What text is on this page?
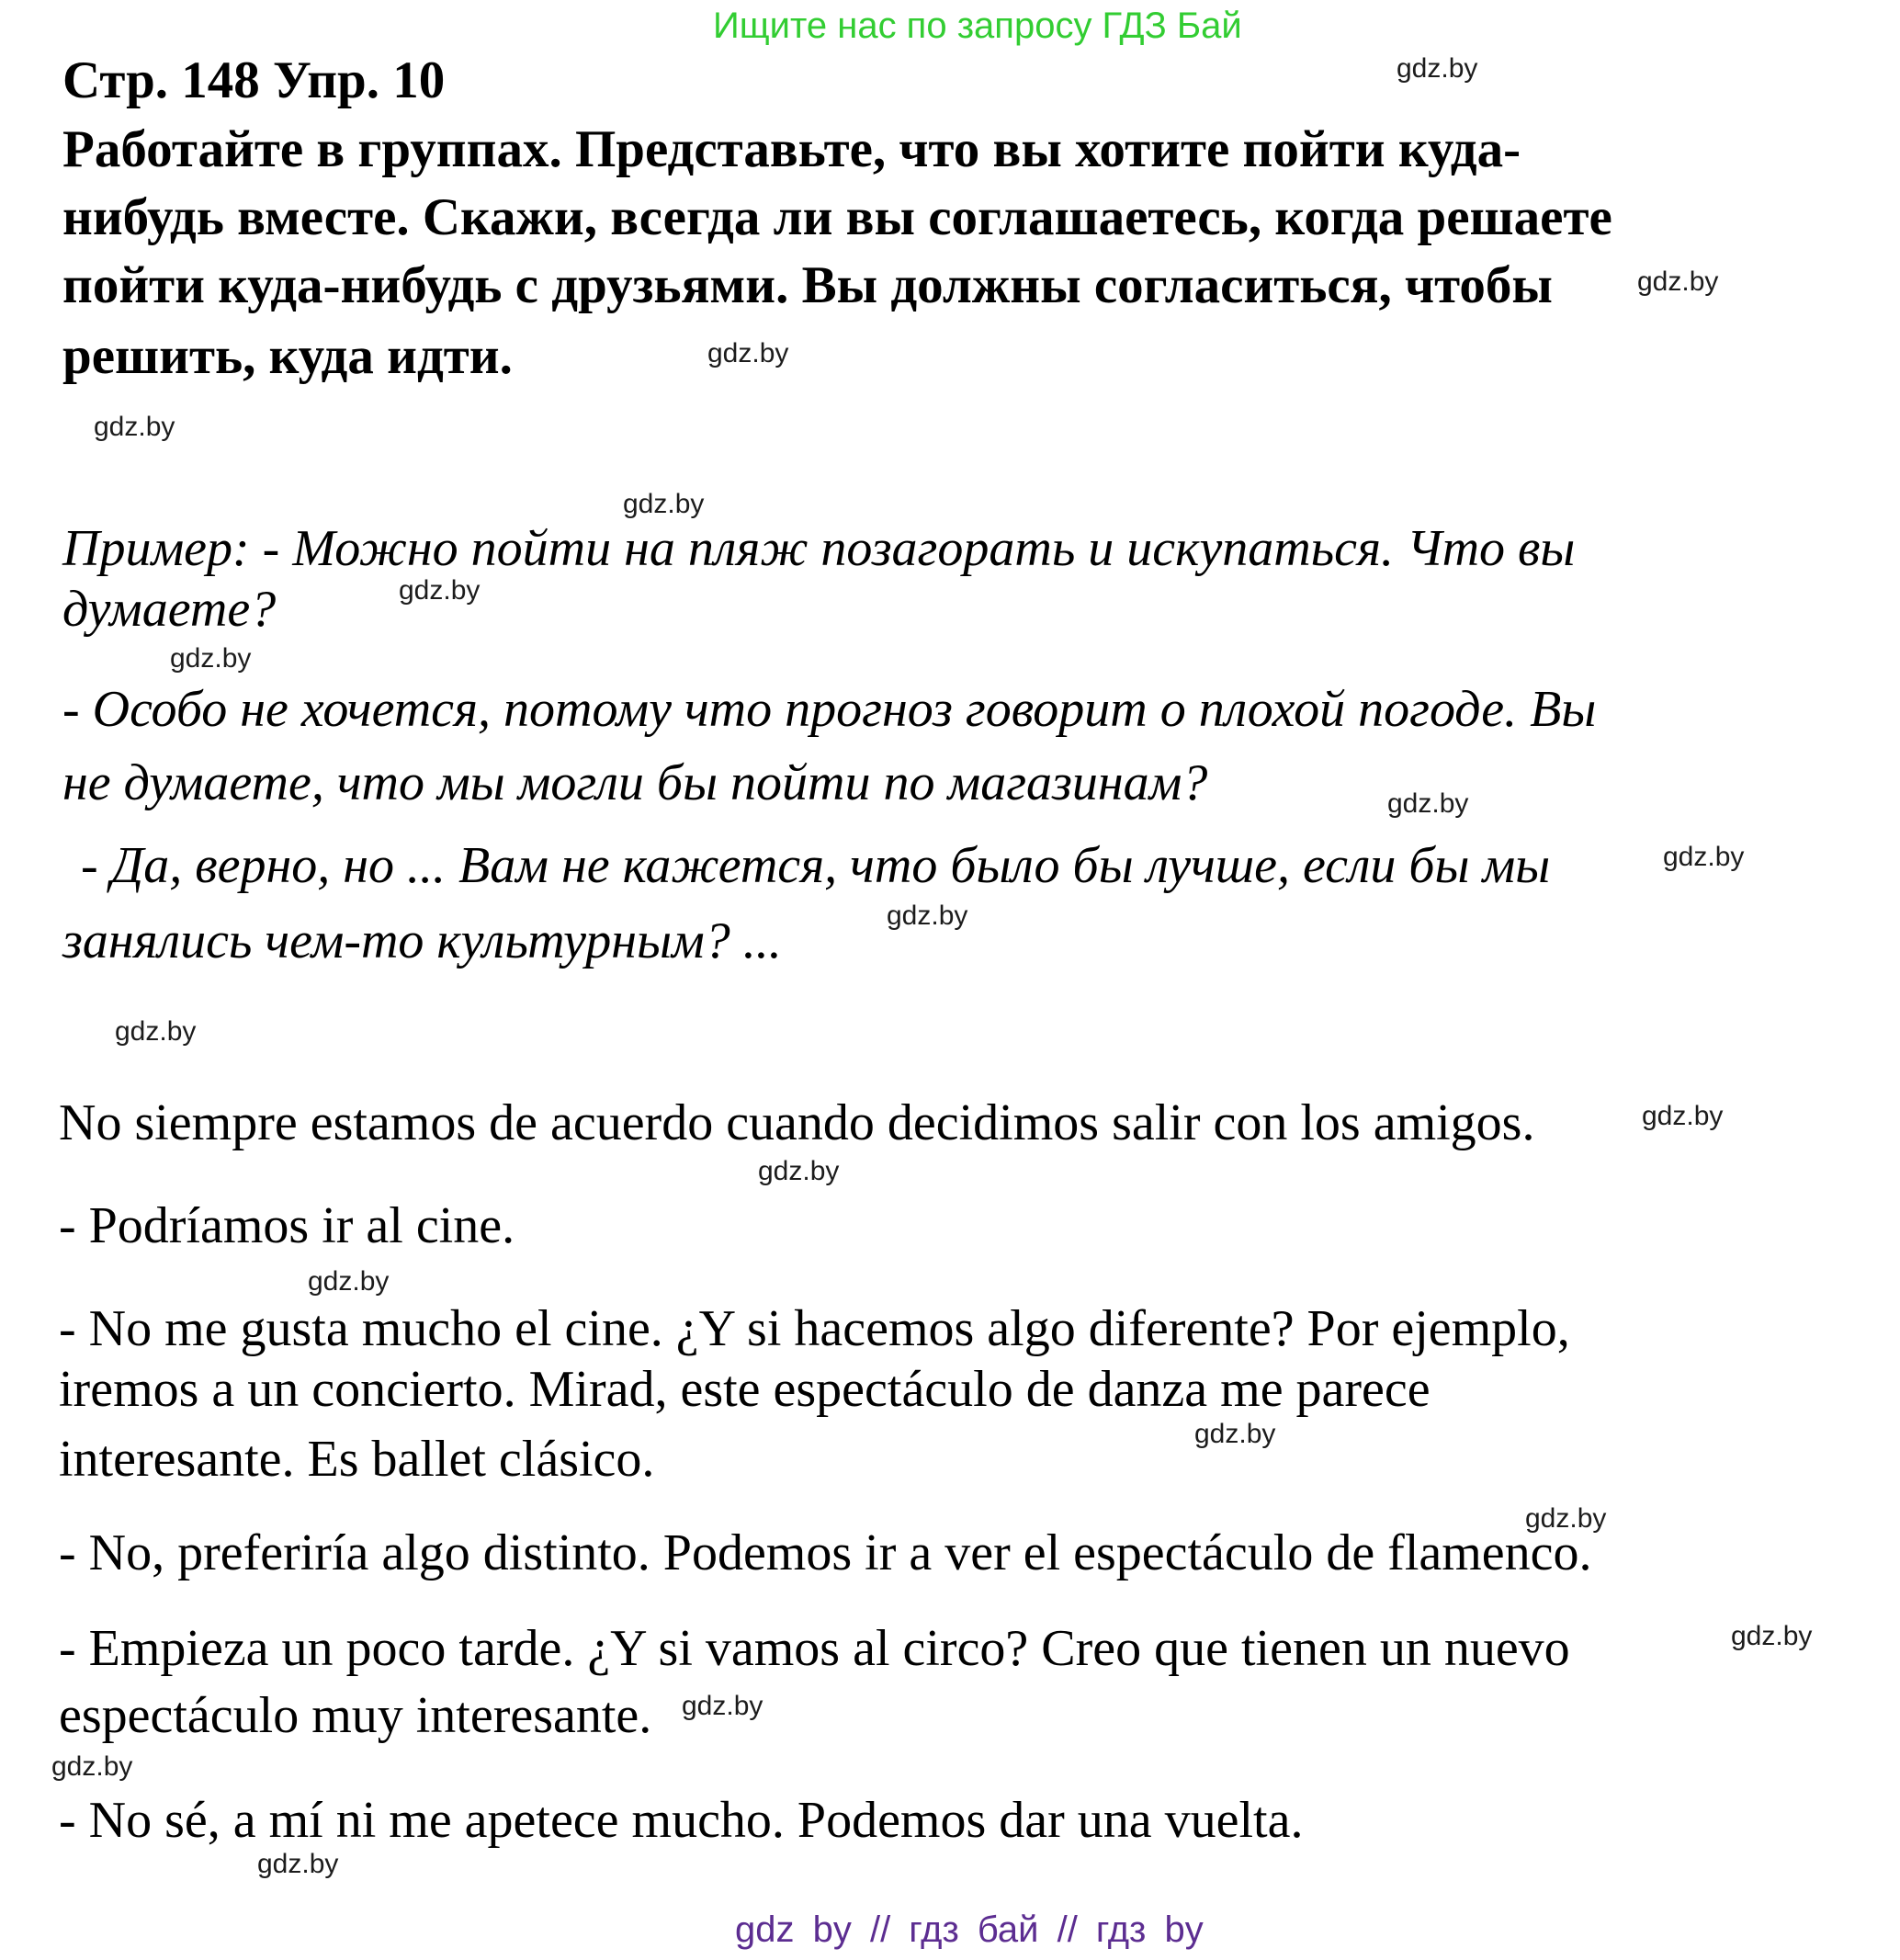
Ищите нас по запросу ГДЗ Бай
Стр. 148 Упр. 10
Работайте в группах. Представьте, что вы хотите пойти куда-
нибудь вместе. Скажи, всегда ли вы соглашаетесь, когда решаете
пойти куда-нибудь с друзьями. Вы должны согласиться, чтобы
решить, куда идти.
Пример: - Можно пойти на пляж позагорать и искупаться. Что вы
думаете?
- Особо не хочется, потому что прогноз говорит о плохой погоде. Вы
не думаете, что мы могли бы пойти по магазинам?
- Да, верно, но ... Вам не кажется, что было бы лучше, если бы мы
занялись чем-то культурным? ...
No siempre estamos de acuerdo cuando decidimos salir con los amigos.
- Podríamos ir al cine.
- No me gusta mucho el cine. ¿Y si hacemos algo diferente? Por ejemplo,
iremos a un concierto. Mirad, este espectáculo de danza me parece
interesante. Es ballet clásico.
- No, preferiría algo distinto. Podemos ir a ver el espectáculo de flamenco.
- Empieza un poco tarde. ¿Y si vamos al circo? Creo que tienen un nuevo
espectáculo muy interesante.
- No sé, a mí ni me apetece mucho. Podemos dar una vuelta.
gdz.by
gdz.by
gdz.by
gdz.by
gdz.by
gdz.by
gdz.by
gdz.by
gdz.by
gdz.by
gdz.by
gdz.by
gdz.by
gdz.by
gdz.by
gdz.by
gdz.by
gdz.by
gdz.by
gdz.by
gdz by // гдз бай // гдз by
